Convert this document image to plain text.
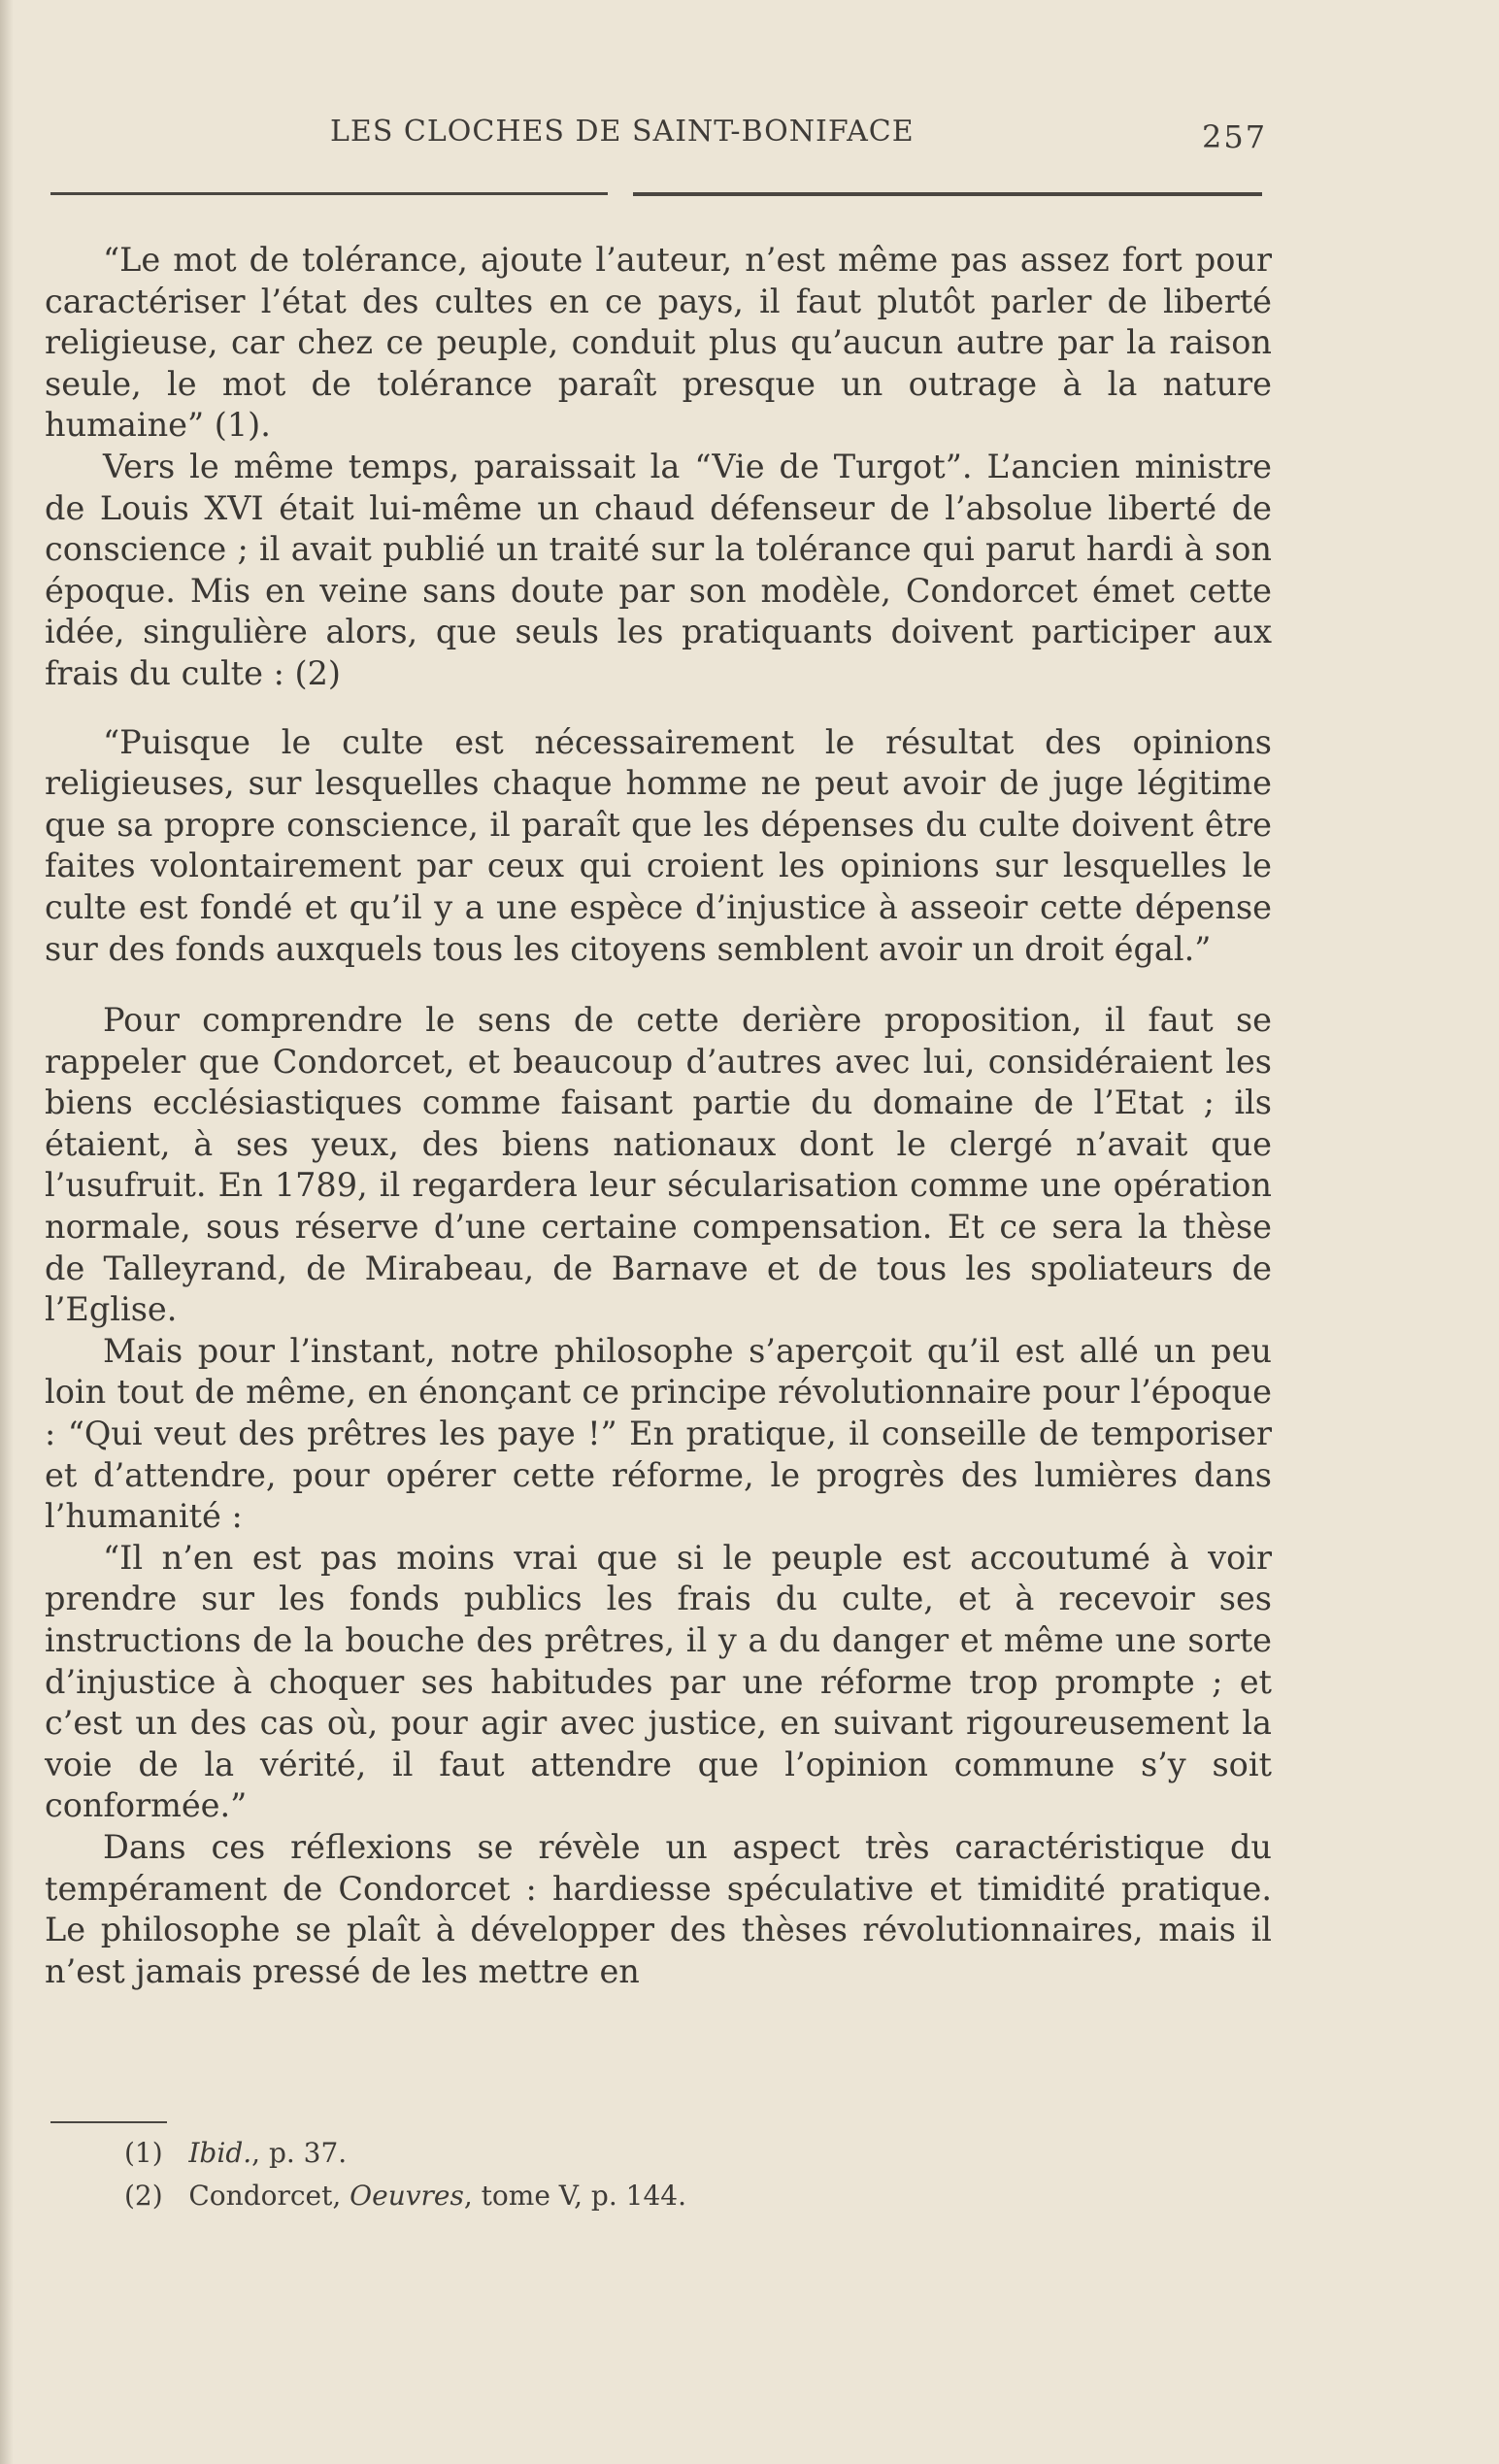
LES CLOCHES DE SAINT-BONIFACE	257

“Le mot de tolérance, ajoute l’auteur, n’est même pas assez fort pour caractériser l’état des cultes en ce pays, il faut plutôt parler de liberté religieuse, car chez ce peuple, conduit plus qu’aucun autre par la raison seule, le mot de tolérance paraît presque un outrage à la nature humaine” (1).

Vers le même temps, paraissait la “Vie de Turgot”. L’ancien ministre de Louis XVI était lui-même un chaud défenseur de l’absolue liberté de conscience ; il avait publié un traité sur la tolérance qui parut hardi à son époque. Mis en veine sans doute par son modèle, Condorcet émet cette idée, singulière alors, que seuls les pratiquants doivent participer aux frais du culte : (2)

“Puisque le culte est nécessairement le résultat des opinions religieuses, sur lesquelles chaque homme ne peut avoir de juge légitime que sa propre conscience, il paraît que les dépenses du culte doivent être faites volontairement par ceux qui croient les opinions sur lesquelles le culte est fondé et qu’il y a une espèce d’injustice à asseoir cette dépense sur des fonds auxquels tous les citoyens semblent avoir un droit égal.”

Pour comprendre le sens de cette derière proposition, il faut se rappeler que Condorcet, et beaucoup d’autres avec lui, considéraient les biens ecclésiastiques comme faisant partie du domaine de l’Etat ; ils étaient, à ses yeux, des biens nationaux dont le clergé n’avait que l’usufruit. En 1789, il regardera leur sécularisation comme une opération normale, sous réserve d’une certaine compensation. Et ce sera la thèse de Talleyrand, de Mirabeau, de Barnave et de tous les spoliateurs de l’Eglise.

Mais pour l’instant, notre philosophe s’aperçoit qu’il est allé un peu loin tout de même, en énonçant ce principe révolutionnaire pour l’époque : “Qui veut des prêtres les paye !” En pratique, il conseille de temporiser et d’attendre, pour opérer cette réforme, le progrès des lumières dans l’humanité :

“Il n’en est pas moins vrai que si le peuple est accoutumé à voir prendre sur les fonds publics les frais du culte, et à recevoir ses instructions de la bouche des prêtres, il y a du danger et même une sorte d’injustice à choquer ses habitudes par une réforme trop prompte ; et c’est un des cas où, pour agir avec justice, en suivant rigoureusement la voie de la vérité, il faut attendre que l’opinion commune s’y soit conformée.”

Dans ces réflexions se révèle un aspect très caractéristique du tempérament de Condorcet : hardiesse spéculative et timidité pratique. Le philosophe se plaît à développer des thèses révolutionnaires, mais il n’est jamais pressé de les mettre en

(1) Ibid., p. 37.
(2) Condorcet, Oeuvres, tome V, p. 144.
